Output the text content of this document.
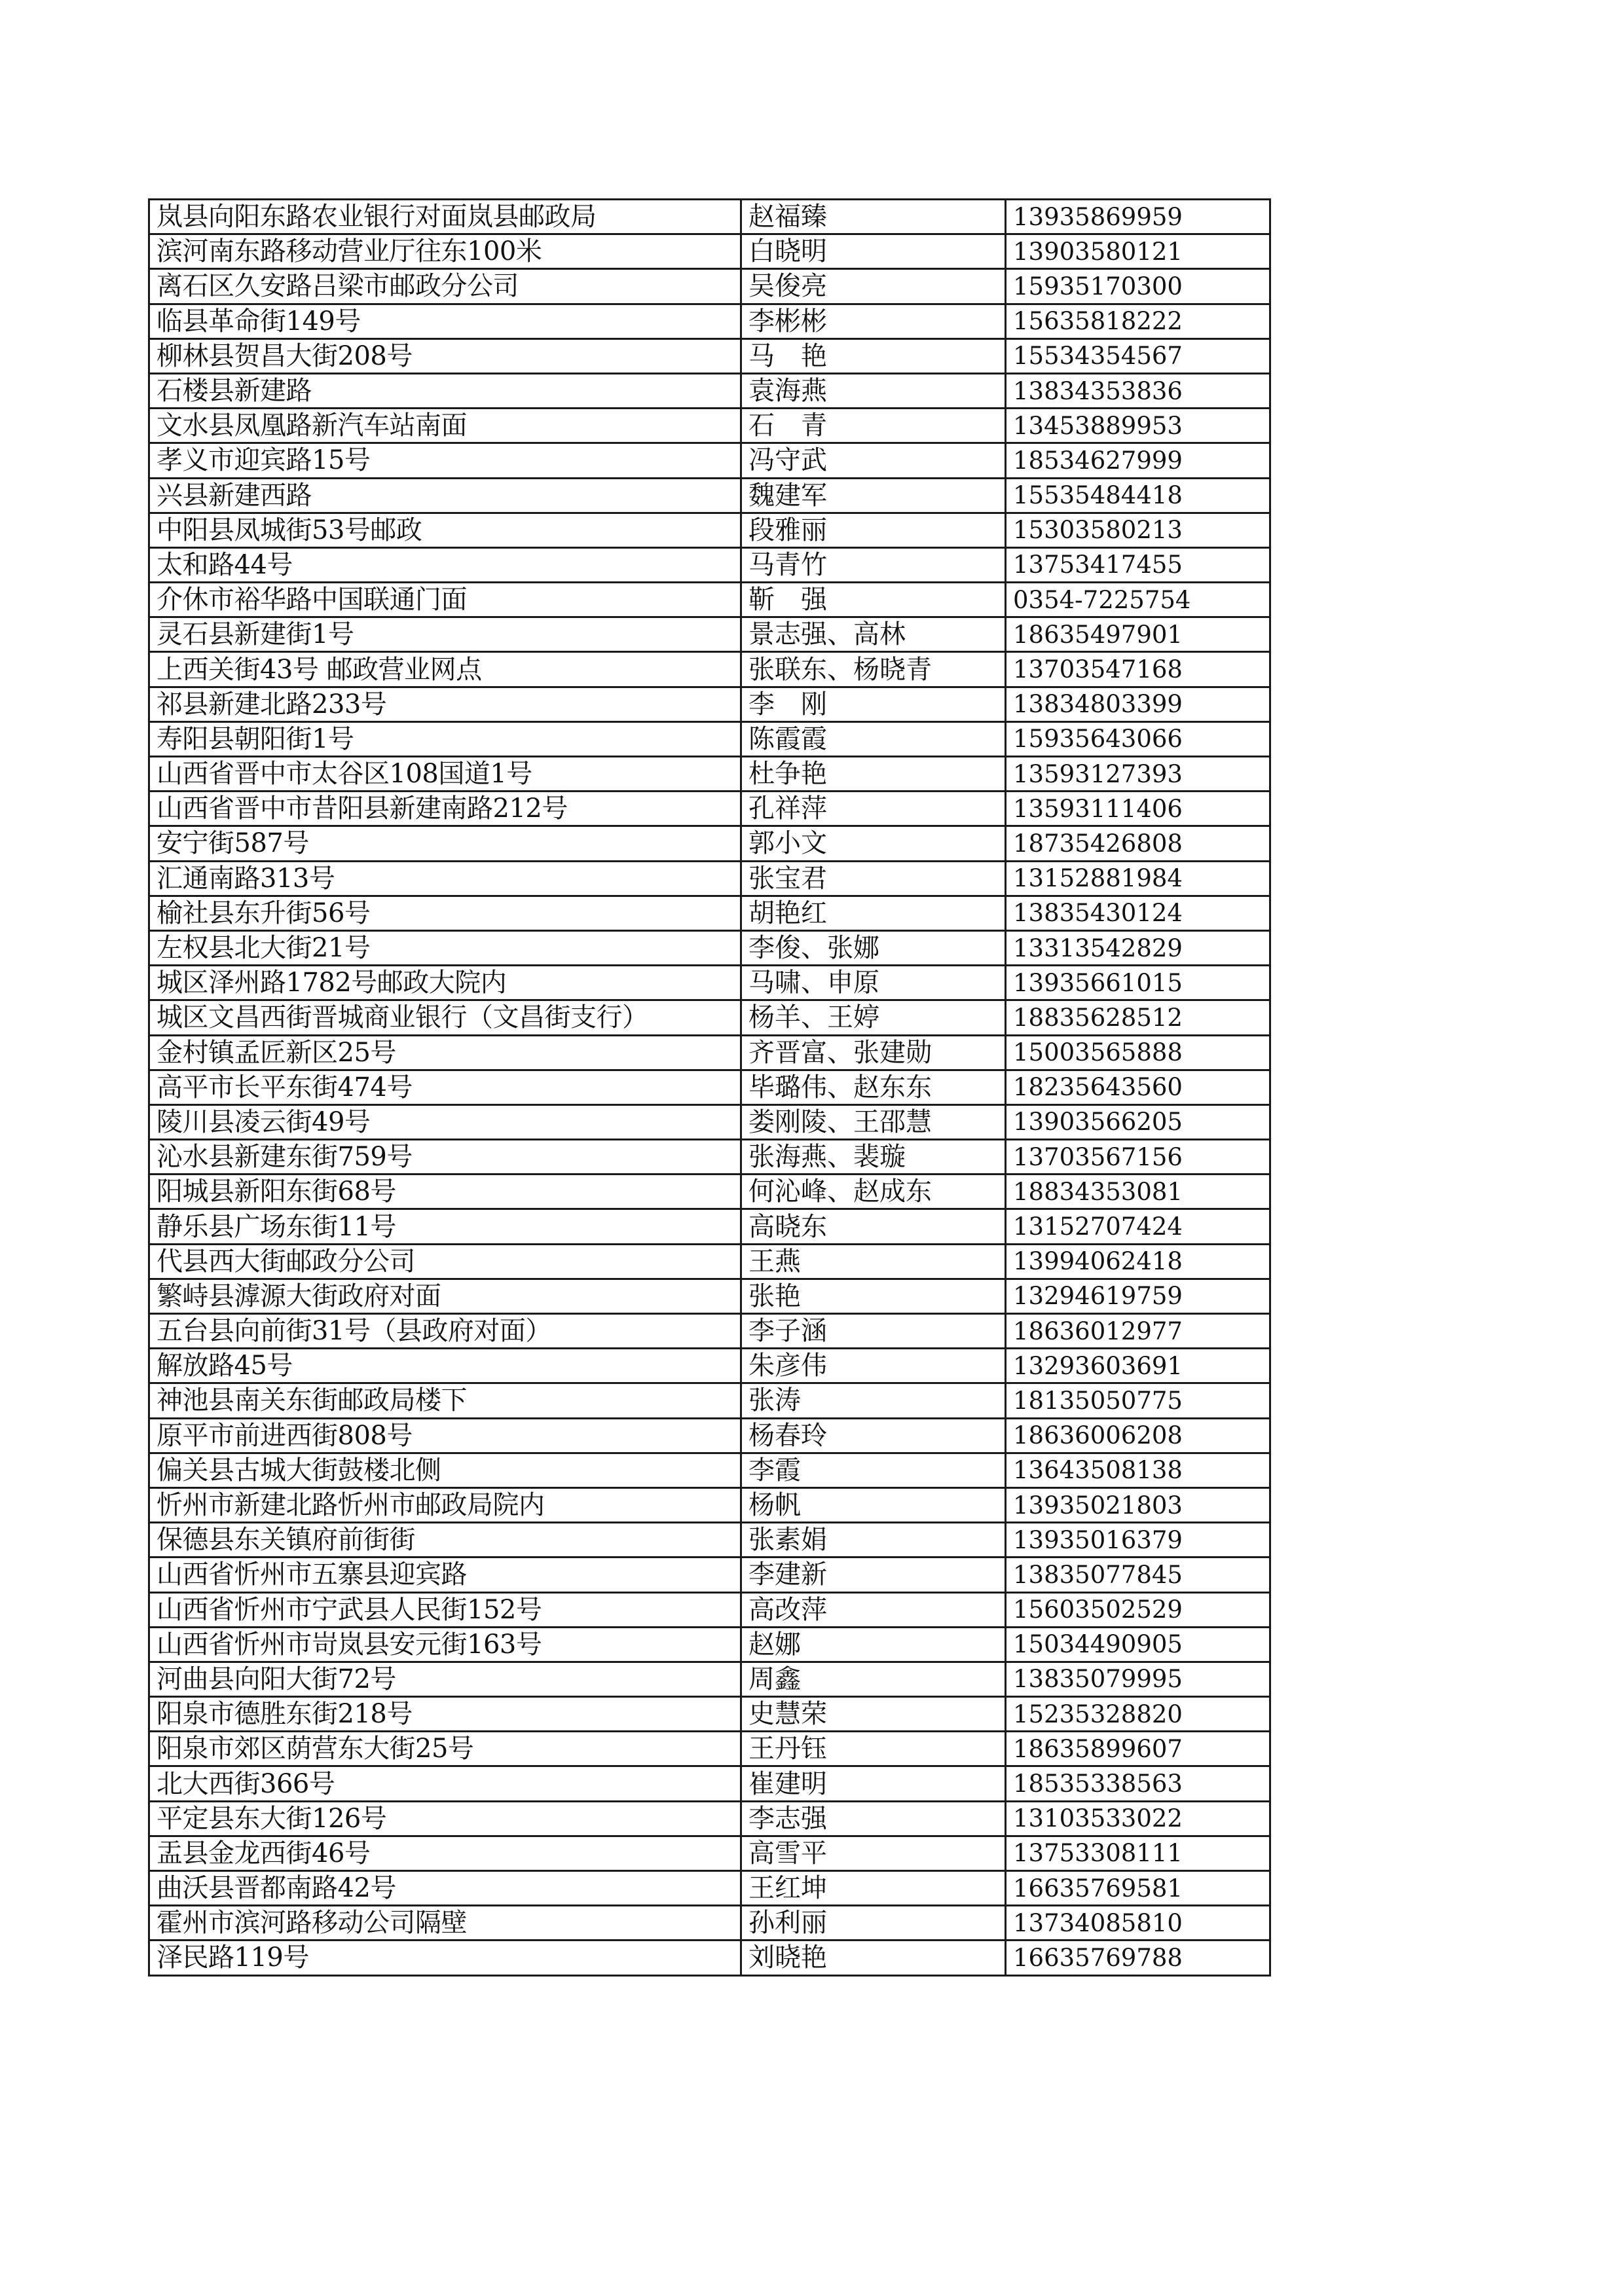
岚县向阳东路农业银行对面岚县邮政局	赵福臻	13935869959
滨河南东路移动营业厅往东100米	白晓明	13903580121
离石区久安路吕梁市邮政分公司	吴俊亮	15935170300
临县革命街149号	李彬彬	15635818222
柳林县贺昌大街208号	马　艳	15534354567
石楼县新建路	袁海燕	13834353836
文水县凤凰路新汽车站南面	石　青	13453889953
孝义市迎宾路15号	冯守武	18534627999
兴县新建西路	魏建军	15535484418
中阳县凤城街53号邮政	段雅丽	15303580213
太和路44号	马青竹	13753417455
介休市裕华路中国联通门面	靳　强	0354-7225754
灵石县新建街1号	景志强、高林	18635497901
上西关街43号 邮政营业网点	张联东、杨晓青	13703547168
祁县新建北路233号	李　刚	13834803399
寿阳县朝阳街1号	陈霞霞	15935643066
山西省晋中市太谷区108国道1号	杜争艳	13593127393
山西省晋中市昔阳县新建南路212号	孔祥萍	13593111406
安宁街587号	郭小文	18735426808
汇通南路313号	张宝君	13152881984
榆社县东升街56号	胡艳红	13835430124
左权县北大街21号	李俊、张娜	13313542829
城区泽州路1782号邮政大院内	马啸、申原	13935661015
城区文昌西街晋城商业银行（文昌街支行）	杨羊、王婷	18835628512
金村镇孟匠新区25号	齐晋富、张建勋	15003565888
高平市长平东街474号	毕璐伟、赵东东	18235643560
陵川县凌云街49号	娄刚陵、王邵慧	13903566205
沁水县新建东街759号	张海燕、裴璇	13703567156
阳城县新阳东街68号	何沁峰、赵成东	18834353081
静乐县广场东街11号	高晓东	13152707424
代县西大街邮政分公司	王燕	13994062418
繁峙县滹源大街政府对面	张艳	13294619759
五台县向前街31号（县政府对面）	李子涵	18636012977
解放路45号	朱彦伟	13293603691
神池县南关东街邮政局楼下	张涛	18135050775
原平市前进西街808号	杨春玲	18636006208
偏关县古城大街鼓楼北侧	李霞	13643508138
忻州市新建北路忻州市邮政局院内	杨帆	13935021803
保德县东关镇府前街街	张素娟	13935016379
山西省忻州市五寨县迎宾路	李建新	13835077845
山西省忻州市宁武县人民街152号	高改萍	15603502529
山西省忻州市岢岚县安元街163号	赵娜	15034490905
河曲县向阳大街72号	周鑫	13835079995
阳泉市德胜东街218号	史慧荣	15235328820
阳泉市郊区荫营东大街25号	王丹钰	18635899607
北大西街366号	崔建明	18535338563
平定县东大街126号	李志强	13103533022
盂县金龙西街46号	高雪平	13753308111
曲沃县晋都南路42号	王红坤	16635769581
霍州市滨河路移动公司隔壁	孙利丽	13734085810
泽民路119号	刘晓艳	16635769788
